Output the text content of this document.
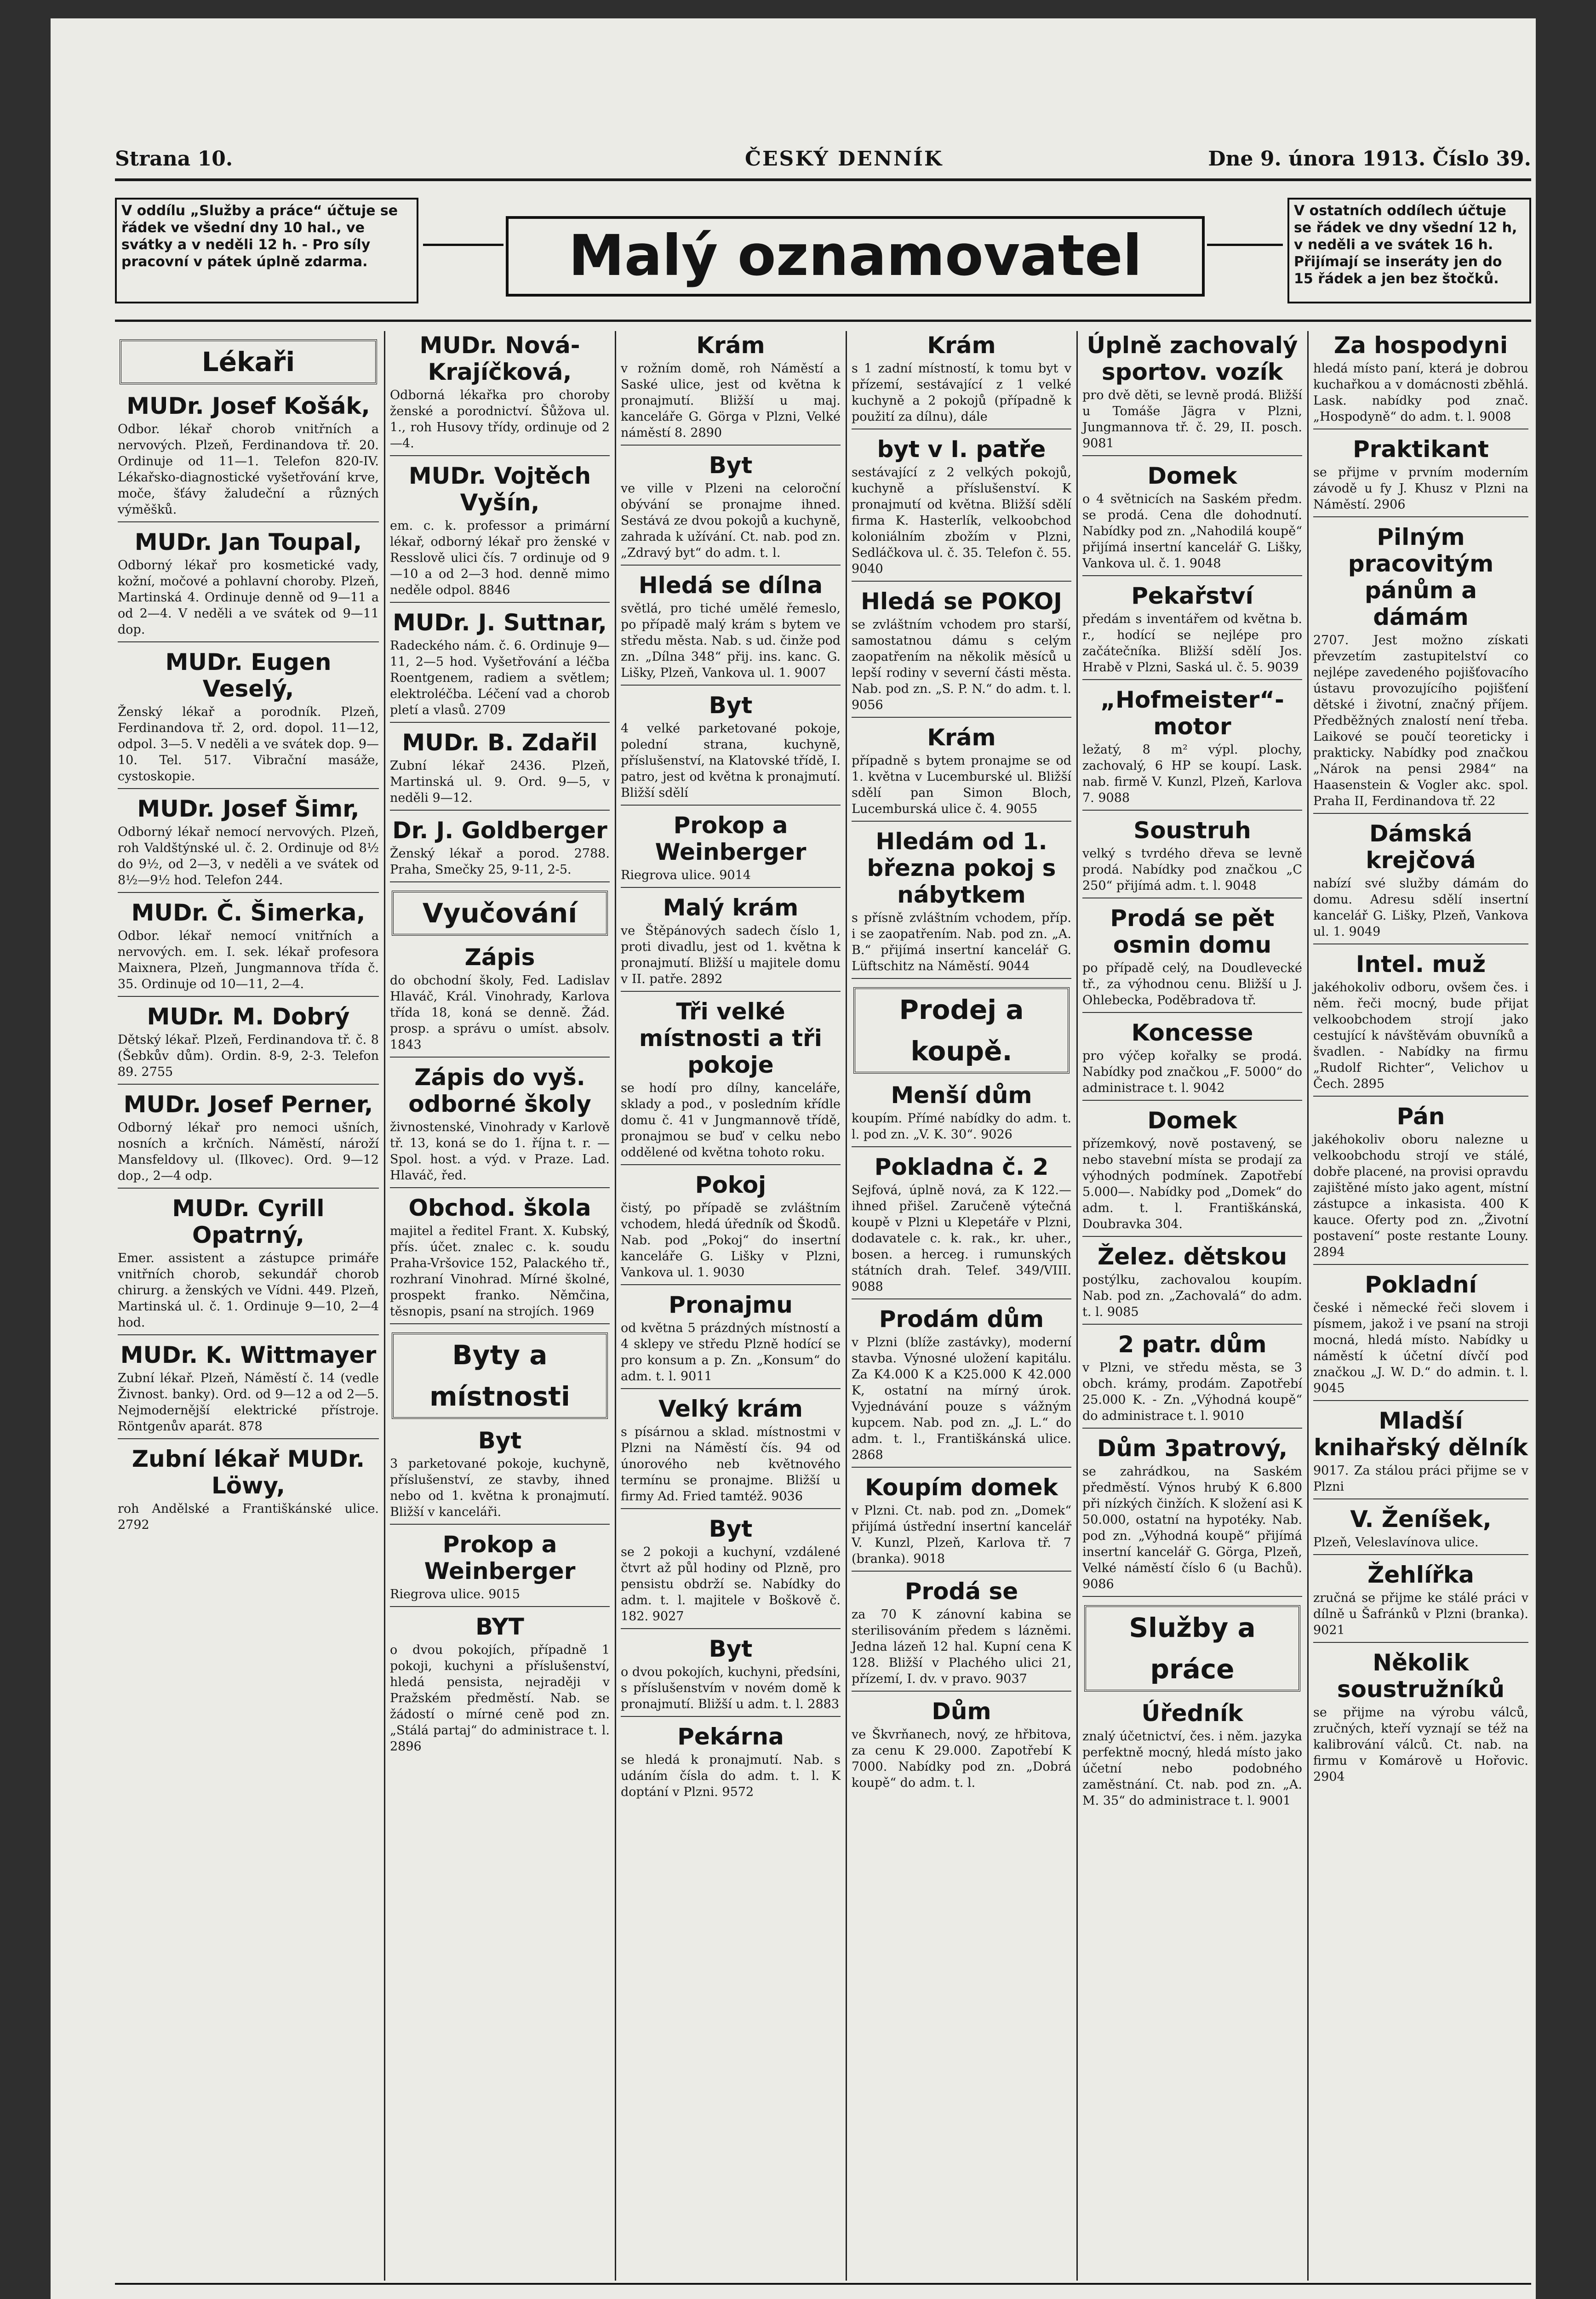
Strana 10.	ČESKÝ DENNÍK	Dne 9. února 1913. Číslo 39.
V oddílu „Služby a práce“ účtuje se řádek ve všední dny 10 hal., ve svátky a v neděli 12 h. - Pro síly pracovní v pátek úplně zdarma.	Malý oznamovatel
V ostatních oddílech účtuje se řádek ve dny všední 12 h, v neděli a ve svátek 16 h. Přijímají se inseráty jen do 15 řádek a jen bez štočků.
Lékaři
MUDr. Josef Košák,

Odbor. lékař chorob vnitřních a nervových. Plzeň, Ferdinandova tř. 20. Ordinuje od 11—1. Telefon 820-IV. Lékařsko-diagnostické vyšetřování krve, moče, šťávy žaludeční a různých výměšků.

MUDr. Jan Toupal,

Odborný lékař pro kosmetické vady, kožní, močové a pohlavní choroby. Plzeň, Martinská 4. Ordinuje denně od 9—11 a od 2—4. V neděli a ve svátek od 9—11 dop.

MUDr. Eugen Veselý,

Ženský lékař a porodník. Plzeň, Ferdinandova tř. 2, ord. dopol. 11—12, odpol. 3—5. V neděli a ve svátek dop. 9—10. Tel. 517. Vibrační masáže, cystoskopie.

MUDr. Josef Šimr,

Odborný lékař nemocí nervových. Plzeň, roh Valdštýnské ul. č. 2. Ordinuje od 8½ do 9½, od 2—3, v neděli a ve svátek od 8½—9½ hod. Telefon 244.

MUDr. Č. Šimerka,

Odbor. lékař nemocí vnitřních a nervových. em. I. sek. lékař profesora Maixnera, Plzeň, Jungmannova třída č. 35. Ordinuje od 10—11, 2—4.

MUDr. M. Dobrý

Dětský lékař. Plzeň, Ferdinandova tř. č. 8 (Šebkův dům). Ordin. 8-9, 2-3. Telefon 89. 2755

MUDr. Josef Perner,

Odborný lékař pro nemoci ušních, nosních a krčních. Náměstí, nároží Mansfeldovy ul. (Ilkovec). Ord. 9—12 dop., 2—4 odp.

MUDr. Cyrill Opatrný,

Emer. assistent a zástupce primáře vnitřních chorob, sekundář chorob chirurg. a ženských ve Vídni. 449. Plzeň, Martinská ul. č. 1. Ordinuje 9—10, 2—4 hod.

MUDr. K. Wittmayer

Zubní lékař. Plzeň, Náměstí č. 14 (vedle Živnost. banky). Ord. od 9—12 a od 2—5. Nejmodernější elektrické přístroje. Röntgenův aparát. 878

Zubní lékař MUDr. Löwy,

roh Andělské a Františkánské ulice. 2792

MUDr. Nová-Krajíčková,

Odborná lékařka pro choroby ženské a porodnictví. Šůžova ul. 1., roh Husovy třídy, ordinuje od 2—4.

MUDr. Vojtěch Vyšín,

em. c. k. professor a primární lékař, odborný lékař pro ženské v Resslově ulici čís. 7 ordinuje od 9—10 a od 2—3 hod. denně mimo neděle odpol. 8846

MUDr. J. Suttnar,

Radeckého nám. č. 6. Ordinuje 9—11, 2—5 hod. Vyšetřování a léčba Roentgenem, radiem a světlem; elektroléčba. Léčení vad a chorob pletí a vlasů. 2709

MUDr. B. Zdařil

Zubní lékař 2436. Plzeň, Martinská ul. 9. Ord. 9—5, v neděli 9—12.

Dr. J. Goldberger

Ženský lékař a porod. 2788. Praha, Smečky 25, 9-11, 2-5.

Vyučování
Zápis

do obchodní školy, Fed. Ladislav Hlaváč, Král. Vinohrady, Karlova třída 18, koná se denně. Žád. prosp. a správu o umíst. absolv. 1843

Zápis do vyš. odborné školy

živnostenské, Vinohrady v Karlově tř. 13, koná se do 1. října t. r. — Spol. host. a výd. v Praze. Lad. Hlaváč, řed.

Obchod. škola

majitel a ředitel Frant. X. Kubský, přís. účet. znalec c. k. soudu Praha-Vršovice 152, Palackého tř., rozhraní Vinohrad. Mírné školné, prospekt franko. Němčina, těsnopis, psaní na strojích. 1969

Byty a místnosti
Byt

3 parketované pokoje, kuchyně, příslušenství, ze stavby, ihned nebo od 1. května k pronajmutí. Bližší v kanceláři.

Prokop a Weinberger

Riegrova ulice. 9015

BYT

o dvou pokojích, případně 1 pokoji, kuchyni a příslušenství, hledá pensista, nejraději v Pražském předměstí. Nab. se žádostí o mírné ceně pod zn. „Stálá partaj“ do administrace t. l. 2896

Krám

v rožním domě, roh Náměstí a Saské ulice, jest od května k pronajmutí. Bližší u maj. kanceláře G. Görga v Plzni, Velké náměstí 8. 2890

Byt

ve ville v Plzeni na celoroční obývání se pronajme ihned. Sestává ze dvou pokojů a kuchyně, zahrada k užívání. Ct. nab. pod zn. „Zdravý byt“ do adm. t. l.

Hledá se dílna

světlá, pro tiché umělé řemeslo, po případě malý krám s bytem ve středu města. Nab. s ud. činže pod zn. „Dílna 348“ přij. ins. kanc. G. Lišky, Plzeň, Vankova ul. 1. 9007

Byt

4 velké parketované pokoje, polední strana, kuchyně, příslušenství, na Klatovské třídě, I. patro, jest od května k pronajmutí. Bližší sdělí

Prokop a Weinberger

Riegrova ulice. 9014

Malý krám

ve Štěpánových sadech číslo 1, proti divadlu, jest od 1. května k pronajmutí. Bližší u majitele domu v II. patře. 2892

Tři velké místnosti a tři pokoje

se hodí pro dílny, kanceláře, sklady a pod., v posledním křídle domu č. 41 v Jungmannově třídě, pronajmou se buď v celku nebo oddělené od května tohoto roku.

Pokoj

čistý, po případě se zvláštním vchodem, hledá úředník od Škodů. Nab. pod „Pokoj“ do insertní kanceláře G. Lišky v Plzni, Vankova ul. 1. 9030

Pronajmu

od května 5 prázdných místností a 4 sklepy ve středu Plzně hodící se pro konsum a p. Zn. „Konsum“ do adm. t. l. 9011

Velký krám

s písárnou a sklad. místnostmi v Plzni na Náměstí čís. 94 od únorového neb květnového termínu se pronajme. Bližší u firmy Ad. Fried tamtéž. 9036

Byt

se 2 pokoji a kuchyní, vzdálené čtvrt až půl hodiny od Plzně, pro pensistu obdrží se. Nabídky do adm. t. l. majitele v Boškově č. 182. 9027

Byt

o dvou pokojích, kuchyni, předsíni, s příslušenstvím v novém domě k pronajmutí. Bližší u adm. t. l. 2883

Pekárna

se hledá k pronajmutí. Nab. s udáním čísla do adm. t. l. K doptání v Plzni. 9572

Krám

s 1 zadní místností, k tomu byt v přízemí, sestávající z 1 velké kuchyně a 2 pokojů (případně k použití za dílnu), dále

byt v I. patře

sestávající z 2 velkých pokojů, kuchyně a příslušenství. K pronajmutí od května. Bližší sdělí firma K. Hasterlík, velkoobchod koloniálním zbožím v Plzni, Sedláčkova ul. č. 35. Telefon č. 55. 9040

Hledá se POKOJ

se zvláštním vchodem pro starší, samostatnou dámu s celým zaopatřením na několik měsíců u lepší rodiny v severní části města. Nab. pod zn. „S. P. N.“ do adm. t. l. 9056

Krám

případně s bytem pronajme se od 1. května v Lucemburské ul. Bližší sdělí pan Simon Bloch, Lucemburská ulice č. 4. 9055

Hledám od 1. března pokoj s nábytkem

s přísně zvláštním vchodem, příp. i se zaopatřením. Nab. pod zn. „A. B.“ přijímá insertní kancelář G. Lüftschitz na Náměstí. 9044

Prodej a koupě.
Menší dům

koupím. Přímé nabídky do adm. t. l. pod zn. „V. K. 30“. 9026

Pokladna č. 2

Sejfová, úplně nová, za K 122.— ihned přišel. Zaručeně výtečná koupě v Plzni u Klepetáře v Plzni, dodavatele c. k. rak., kr. uher., bosen. a herceg. i rumunských státních drah. Telef. 349/VIII. 9088

Prodám dům

v Plzni (blíže zastávky), moderní stavba. Výnosné uložení kapitálu. Za K4.000 K a K25.000 K 42.000 K, ostatní na mírný úrok. Vyjednávání pouze s vážným kupcem. Nab. pod zn. „J. L.“ do adm. t. l., Františkánská ulice. 2868

Koupím domek

v Plzni. Ct. nab. pod zn. „Domek“ přijímá ústřední insertní kancelář V. Kunzl, Plzeň, Karlova tř. 7 (branka). 9018

Prodá se

za 70 K zánovní kabina se sterilisováním předem s lázněmi. Jedna lázeň 12 hal. Kupní cena K 128. Bližší v Plachého ulici 21, přízemí, I. dv. v pravo. 9037

Dům

ve Škvrňanech, nový, ze hřbitova, za cenu K 29.000. Zapotřebí K 7000. Nabídky pod zn. „Dobrá koupě“ do adm. t. l.

Úplně zachovalý sportov. vozík

pro dvě děti, se levně prodá. Bližší u Tomáše Jägra v Plzni, Jungmannova tř. č. 29, II. posch. 9081

Domek

o 4 světnicích na Saském předm. se prodá. Cena dle dohodnutí. Nabídky pod zn. „Nahodilá koupě“ přijímá insertní kancelář G. Lišky, Vankova ul. č. 1. 9048

Pekařství

předám s inventářem od května b. r., hodící se nejlépe pro začátečníka. Bližší sdělí Jos. Hrabě v Plzni, Saská ul. č. 5. 9039

„Hofmeister“-motor

ležatý, 8 m² výpl. plochy, zachovalý, 6 HP se koupí. Lask. nab. firmě V. Kunzl, Plzeň, Karlova 7. 9088

Soustruh

velký s tvrdého dřeva se levně prodá. Nabídky pod značkou „C 250“ přijímá adm. t. l. 9048

Prodá se pět osmin domu

po případě celý, na Doudlevecké tř., za výhodnou cenu. Bližší u J. Ohlebecka, Poděbradova tř.

Koncesse

pro výčep kořalky se prodá. Nabídky pod značkou „F. 5000“ do administrace t. l. 9042

Domek

přízemkový, nově postavený, se nebo stavební místa se prodají za výhodných podmínek. Zapotřebí 5.000—. Nabídky pod „Domek“ do adm. t. l. Františkánská, Doubravka 304.

Želez. dětskou

postýlku, zachovalou koupím. Nab. pod zn. „Zachovalá“ do adm. t. l. 9085

2 patr. dům

v Plzni, ve středu města, se 3 obch. krámy, prodám. Zapotřebí 25.000 K. - Zn. „Výhodná koupě“ do administrace t. l. 9010

Dům 3patrový,

se zahrádkou, na Saském předměstí. Výnos hrubý K 6.800 při nízkých činžích. K složení asi K 50.000, ostatní na hypotéky. Nab. pod zn. „Výhodná koupě“ přijímá insertní kancelář G. Görga, Plzeň, Velké náměstí číslo 6 (u Bachů). 9086

Služby a práce
Úředník

znalý účetnictví, čes. i něm. jazyka perfektně mocný, hledá místo jako účetní nebo podobného zaměstnání. Ct. nab. pod zn. „A. M. 35“ do administrace t. l. 9001

Za hospodyni

hledá místo paní, která je dobrou kuchařkou a v domácnosti zběhlá. Lask. nabídky pod znač. „Hospodyně“ do adm. t. l. 9008

Praktikant

se přijme v prvním moderním závodě u fy J. Khusz v Plzni na Náměstí. 2906

Pilným pracovitým pánům a dámám

2707. Jest možno získati převzetím zastupitelství co nejlépe zavedeného pojišťovacího ústavu provozujícího pojišťení dětské i životní, značný příjem. Předběžných znalostí není třeba. Laikové se poučí teoreticky i prakticky. Nabídky pod značkou „Nárok na pensi 2984“ na Haasenstein & Vogler akc. spol. Praha II, Ferdinandova tř. 22

Dámská krejčová

nabízí své služby dámám do domu. Adresu sdělí insertní kancelář G. Lišky, Plzeň, Vankova ul. 1. 9049

Intel. muž

jakéhokoliv odboru, ovšem čes. i něm. řeči mocný, bude přijat velkoobchodem strojí jako cestující k návštěvám obuvníků a švadlen. - Nabídky na firmu „Rudolf Richter“, Velichov u Čech. 2895

Pán

jakéhokoliv oboru nalezne u velkoobchodu strojí ve stálé, dobře placené, na provisi opravdu zajištěné místo jako agent, místní zástupce a inkasista. 400 K kauce. Oferty pod zn. „Životní postavení“ poste restante Louny. 2894

Pokladní

české i německé řeči slovem i písmem, jakož i ve psaní na stroji mocná, hledá místo. Nabídky u náměstí k účetní dívčí pod značkou „J. W. D.“ do admin. t. l. 9045

Mladší knihařský dělník

9017. Za stálou práci přijme se v Plzni

V. Ženíšek,

Plzeň, Veleslavínova ulice.

Žehlířka

zručná se přijme ke stálé práci v dílně u Šafránků v Plzni (branka). 9021

Několik soustružníků

se přijme na výrobu válců, zručných, kteří vyznají se též na kalibrování válců. Ct. nab. na firmu v Komárově u Hořovic. 2904
